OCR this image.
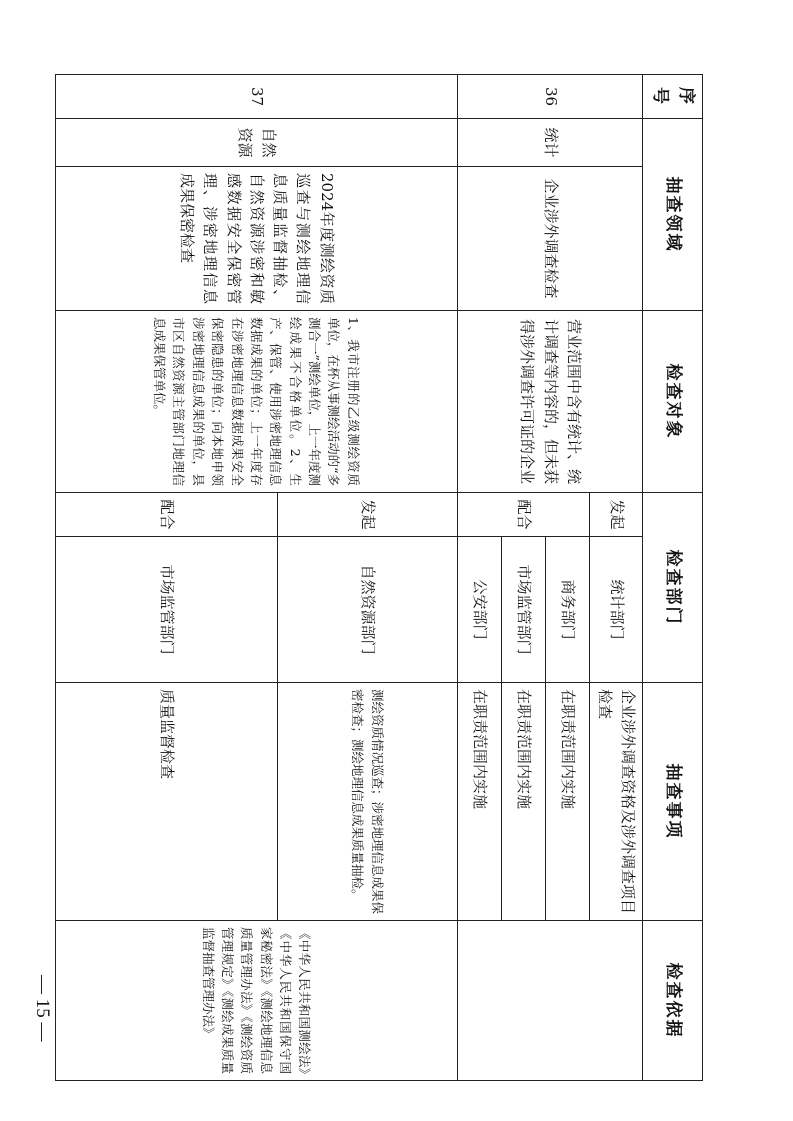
序号	抽查领域		检查对象	检查部门		抽查事项	检查依据
36	统计	企业涉外调查检查	营业范围中含有统计、统计调查等内容的，但未获得涉外调查许可证的企业	发起	统计部门	企业涉外调查资格及涉外调查项目检查	
				配合	商务部门	在职责范围内实施	
					市场监管部门	在职责范围内实施	
					公安部门	在职责范围内实施	
37	自然资源	2024年度测绘资质巡查与测绘地理信息质量监督抽检、自然资源涉密和敏感数据安全保密管理、涉密地理信息成果保密检查	1、我市注册的乙级测绘资质单位，在杯从事测绘活动的“多测合一”测绘单位，上一年度测绘成果不合格单位。2、生产、保管、使用涉密地理信息数据成果的单位；上一年度存在涉密地理信息数据成果安全保密隐患的单位；向本地申领涉密地理信息成果的单位，县市区自然资源主管部门地理信息成果保管单位。	发起	自然资源部门	测绘资质情况巡查；涉密地理信息成果保密检查；测绘地理信息成果质量抽检。	《中华人民共和国测绘法》《中华人民共和国保守国家秘密法》《测绘地理信息质量管理办法》《测绘资质管理规定》《测绘成果质量监督抽查管理办法》
				配合	市场监管部门	质量监督检查	
— 15 —
